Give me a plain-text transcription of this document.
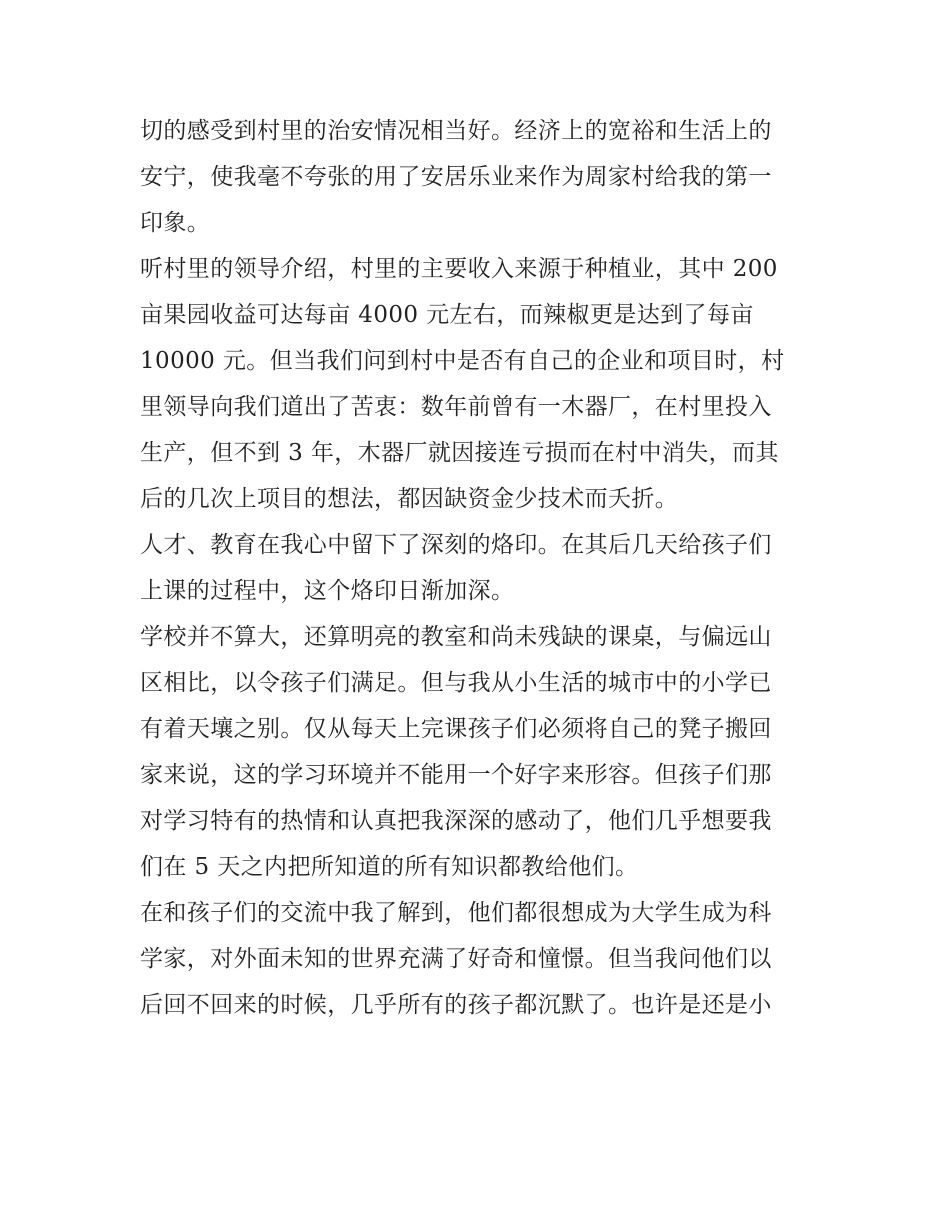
切的感受到村里的治安情况相当好。经济上的宽裕和生活上的
安宁，使我毫不夸张的用了安居乐业来作为周家村给我的第一
印象。
听村里的领导介绍，村里的主要收入来源于种植业，其中 200
亩果园收益可达每亩 4000 元左右，而辣椒更是达到了每亩
10000 元。但当我们问到村中是否有自己的企业和项目时，村
里领导向我们道出了苦衷：数年前曾有一木器厂，在村里投入
生产，但不到 3 年，木器厂就因接连亏损而在村中消失，而其
后的几次上项目的想法，都因缺资金少技术而夭折。
人才、教育在我心中留下了深刻的烙印。在其后几天给孩子们
上课的过程中，这个烙印日渐加深。
学校并不算大，还算明亮的教室和尚未残缺的课桌，与偏远山
区相比，以令孩子们满足。但与我从小生活的城市中的小学已
有着天壤之别。仅从每天上完课孩子们必须将自己的凳子搬回
家来说，这的学习环境并不能用一个好字来形容。但孩子们那
对学习特有的热情和认真把我深深的感动了，他们几乎想要我
们在 5 天之内把所知道的所有知识都教给他们。
在和孩子们的交流中我了解到，他们都很想成为大学生成为科
学家，对外面未知的世界充满了好奇和憧憬。但当我问他们以
后回不回来的时候，几乎所有的孩子都沉默了。也许是还是小
